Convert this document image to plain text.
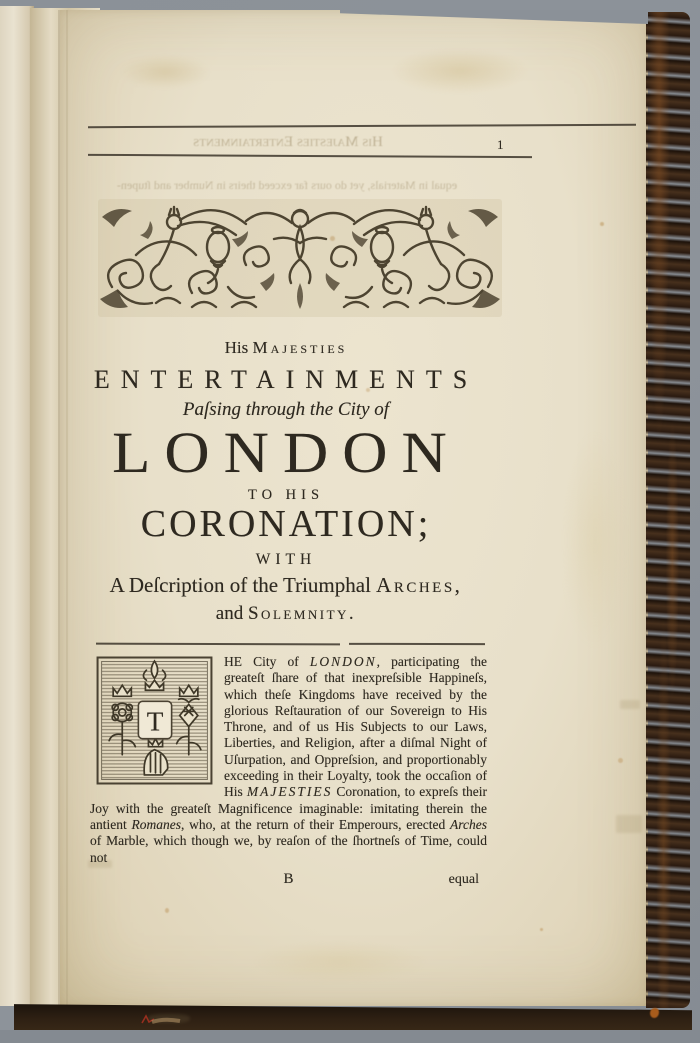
His Majesties Entertainments	1
equal in Materials, yet do ours far exceed theirs in Number and ſtupen-
His Majesties
ENTERTAINMENTS
Paſsing through the City of
LONDON
TO HIS
CORONATION;
WITH
A Deſcription of the Triumphal Arches,
and Solemnity.
T
HE City of LONDON, participating the greateſt ſhare of that inexpreſsible Happineſs, which theſe Kingdoms have received by the glorious Reſtauration of our Sovereign to His Throne, and of us His Subjects to our Laws, Liberties, and Religion, after a diſmal Night of Uſurpation, and Oppreſsion, and proportionably exceeding in their Loyalty, took the occaſion of His MAJESTIES Coronation, to expreſs their Joy with the greateſt Magnificence imaginable: imitating therein the antient Romanes, who, at the return of their Emperours, erected Arches of Marble, which though we, by reaſon of the ſhortneſs of Time, could not
B	equal
